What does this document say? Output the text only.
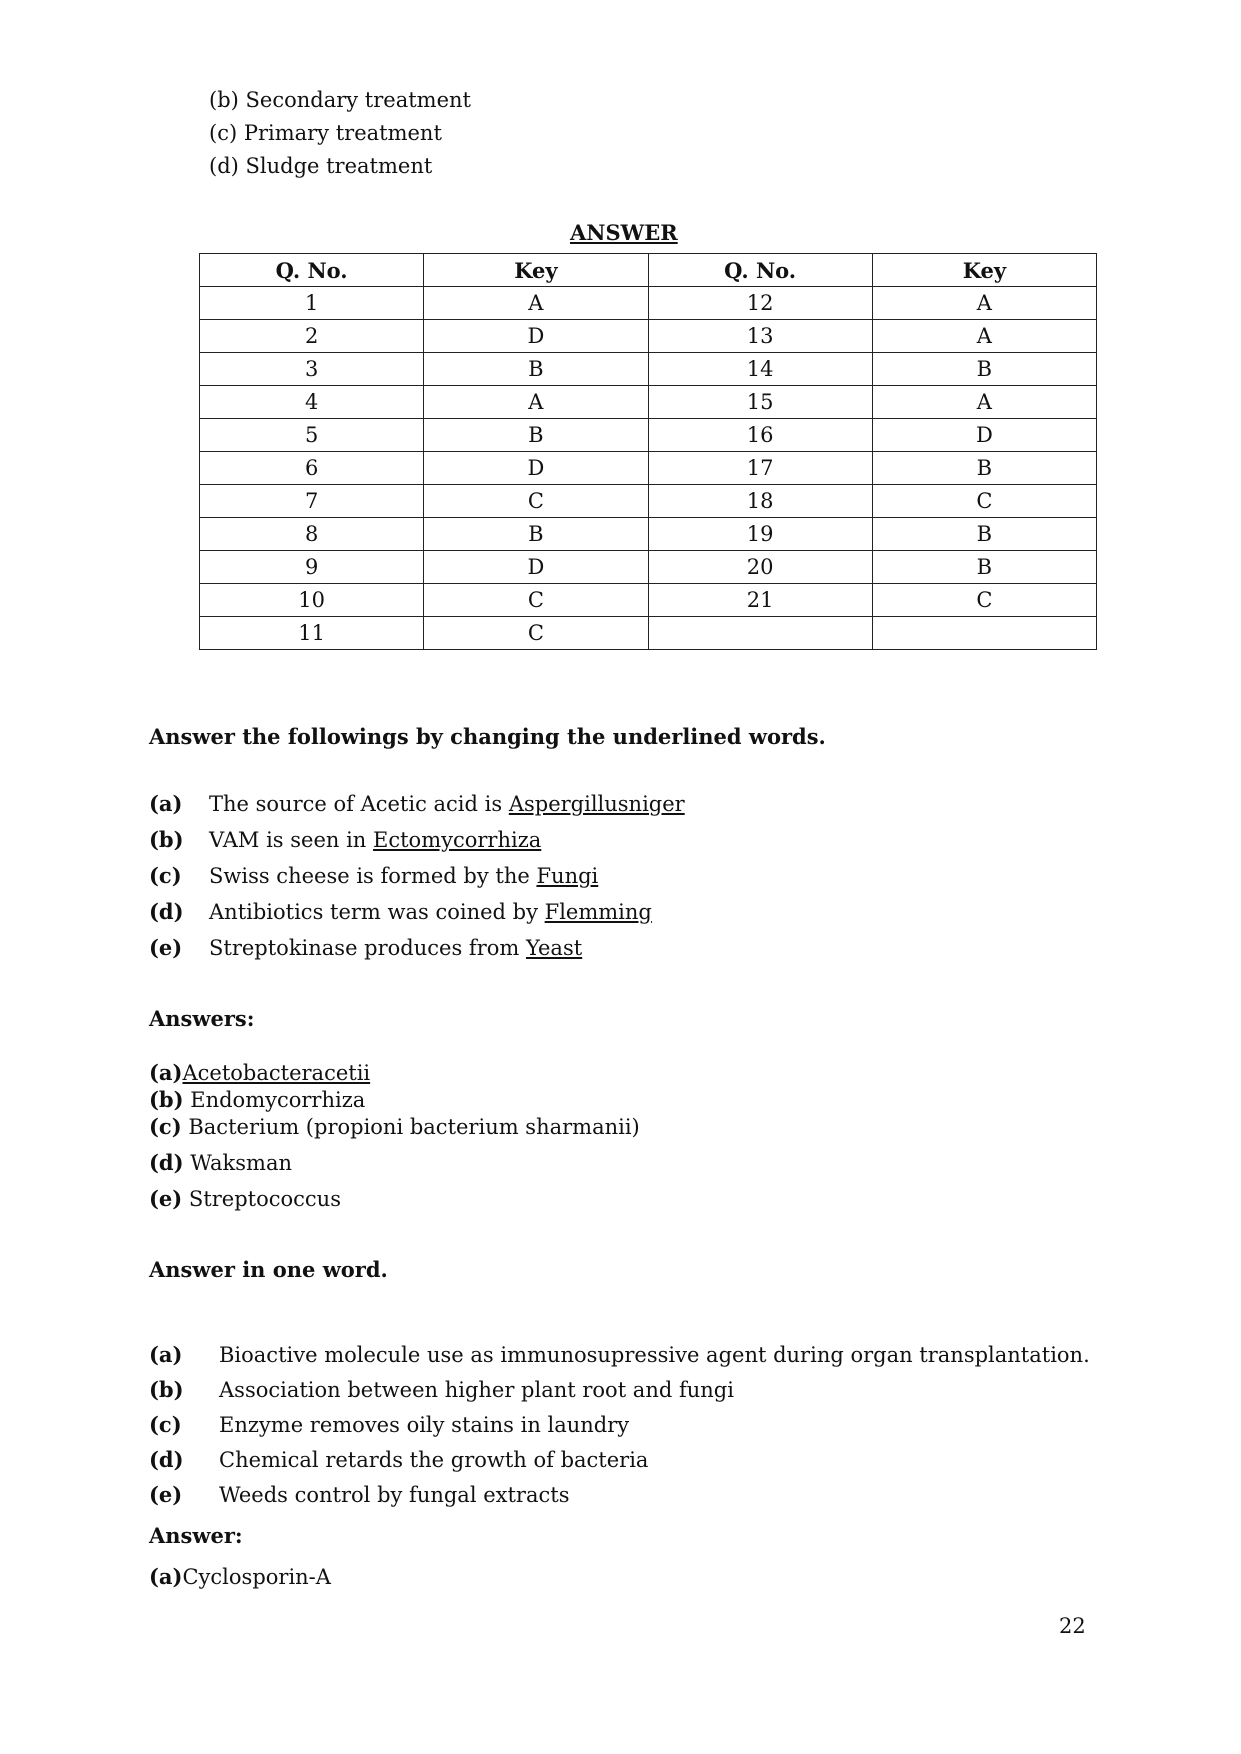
(b) Secondary treatment
(c) Primary treatment
(d) Sludge treatment
ANSWER
Q. No.	Key	Q. No.	Key
1	A	12	A
2	D	13	A
3	B	14	B
4	A	15	A
5	B	16	D
6	D	17	B
7	C	18	C
8	B	19	B
9	D	20	B
10	C	21	C
11	C		
Answer the followings by changing the underlined words.
(a) The source of Acetic acid is Aspergillusniger
(b) VAM is seen in Ectomycorrhiza
(c) Swiss cheese is formed by the Fungi
(d) Antibiotics term was coined by Flemming
(e) Streptokinase produces from Yeast
Answers:
(a)Acetobacteracetii
(b) Endomycorrhiza
(c) Bacterium (propioni bacterium sharmanii)
(d) Waksman
(e) Streptococcus
Answer in one word.
(a) Bioactive molecule use as immunosupressive agent during organ transplantation.
(b) Association between higher plant root and fungi
(c) Enzyme removes oily stains in laundry
(d) Chemical retards the growth of bacteria
(e) Weeds control by fungal extracts
Answer:
(a)Cyclosporin-A
22
